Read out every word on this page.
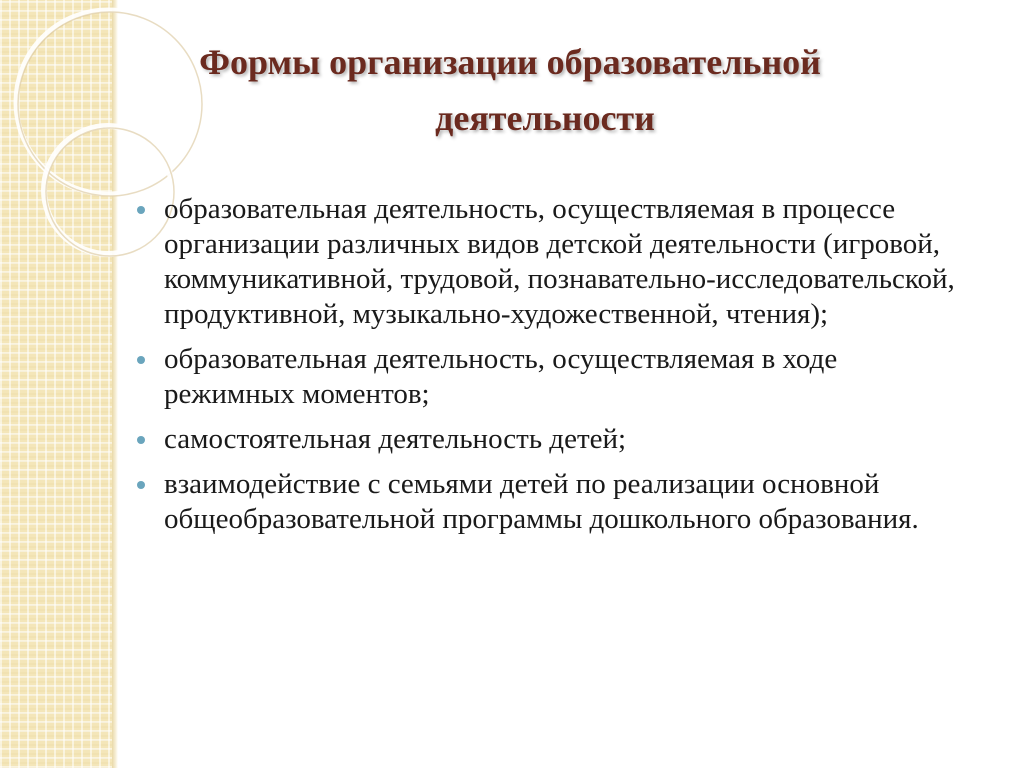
Формы организации образовательной
деятельности
образовательная деятельность, осуществляемая в процессе организации различных видов детской деятельности (игровой, коммуникативной, трудовой, познавательно-исследовательской, продуктивной, музыкально-художественной, чтения);
образовательная деятельность, осуществляемая в ходе режимных моментов;
самостоятельная деятельность детей;
взаимодействие с семьями детей по реализации основной общеобразовательной программы дошкольного образования.
